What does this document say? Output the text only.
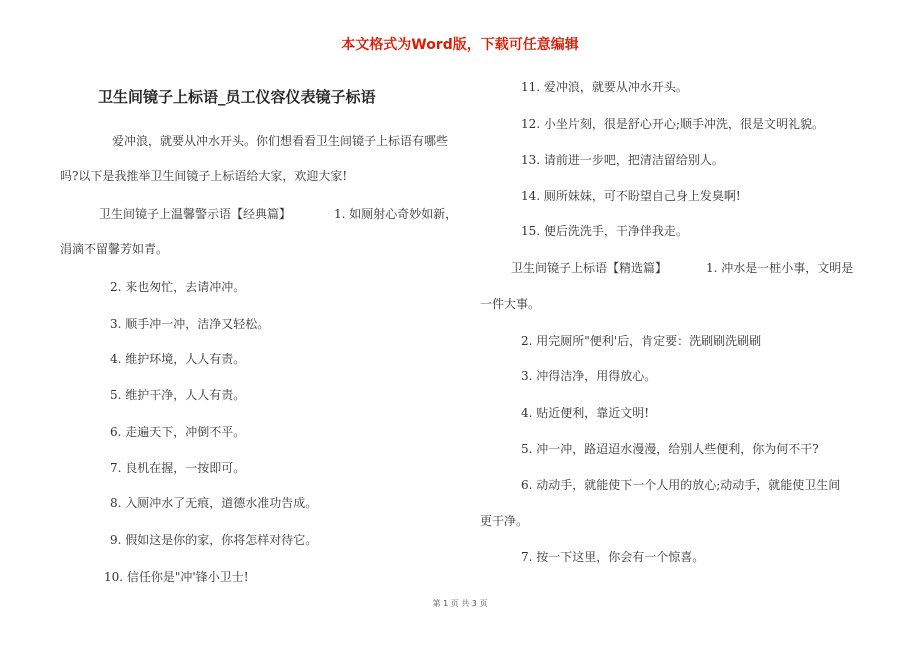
本文格式为Word版，下载可任意编辑
卫生间镜子上标语_员工仪容仪表镜子标语
爱冲浪，就要从冲水开头。你们想看看卫生间镜子上标语有哪些
吗?以下是我推举卫生间镜子上标语给大家，欢迎大家!
卫生间镜子上温馨警示语【经典篇】	1. 如厕射心奇妙如新，
涓滴不留馨芳如青。
2. 来也匆忙，去请冲冲。
3. 顺手冲一冲，洁净又轻松。
4. 维护环境，人人有责。
5. 维护干净，人人有责。
6. 走遍天下，冲倒不平。
7. 良机在握，一按即可。
8. 入厕冲水了无痕，道德水准功告成。
9. 假如这是你的家，你将怎样对待它。
10. 信任你是"冲'锋小卫士!
11. 爱冲浪，就要从冲水开头。
12. 小坐片刻，很是舒心开心;顺手冲洗，很是文明礼貌。
13. 请前进一步吧，把清洁留给别人。
14. 厕所妹妹，可不盼望自己身上发臭啊!
15. 便后洗洗手，干净伴我走。
卫生间镜子上标语【精选篇】	1. 冲水是一桩小事，文明是
一件大事。
2. 用完厕所"便利'后，肯定要：洗刷刷洗刷刷
3. 冲得洁净，用得放心。
4. 贴近便利，靠近文明!
5. 冲一冲，路迢迢水漫漫，给别人些便利，你为何不干?
6. 动动手，就能使下一个人用的放心;动动手，就能使卫生间
更干净。
7. 按一下这里，你会有一个惊喜。
第 1 页 共 3 页
